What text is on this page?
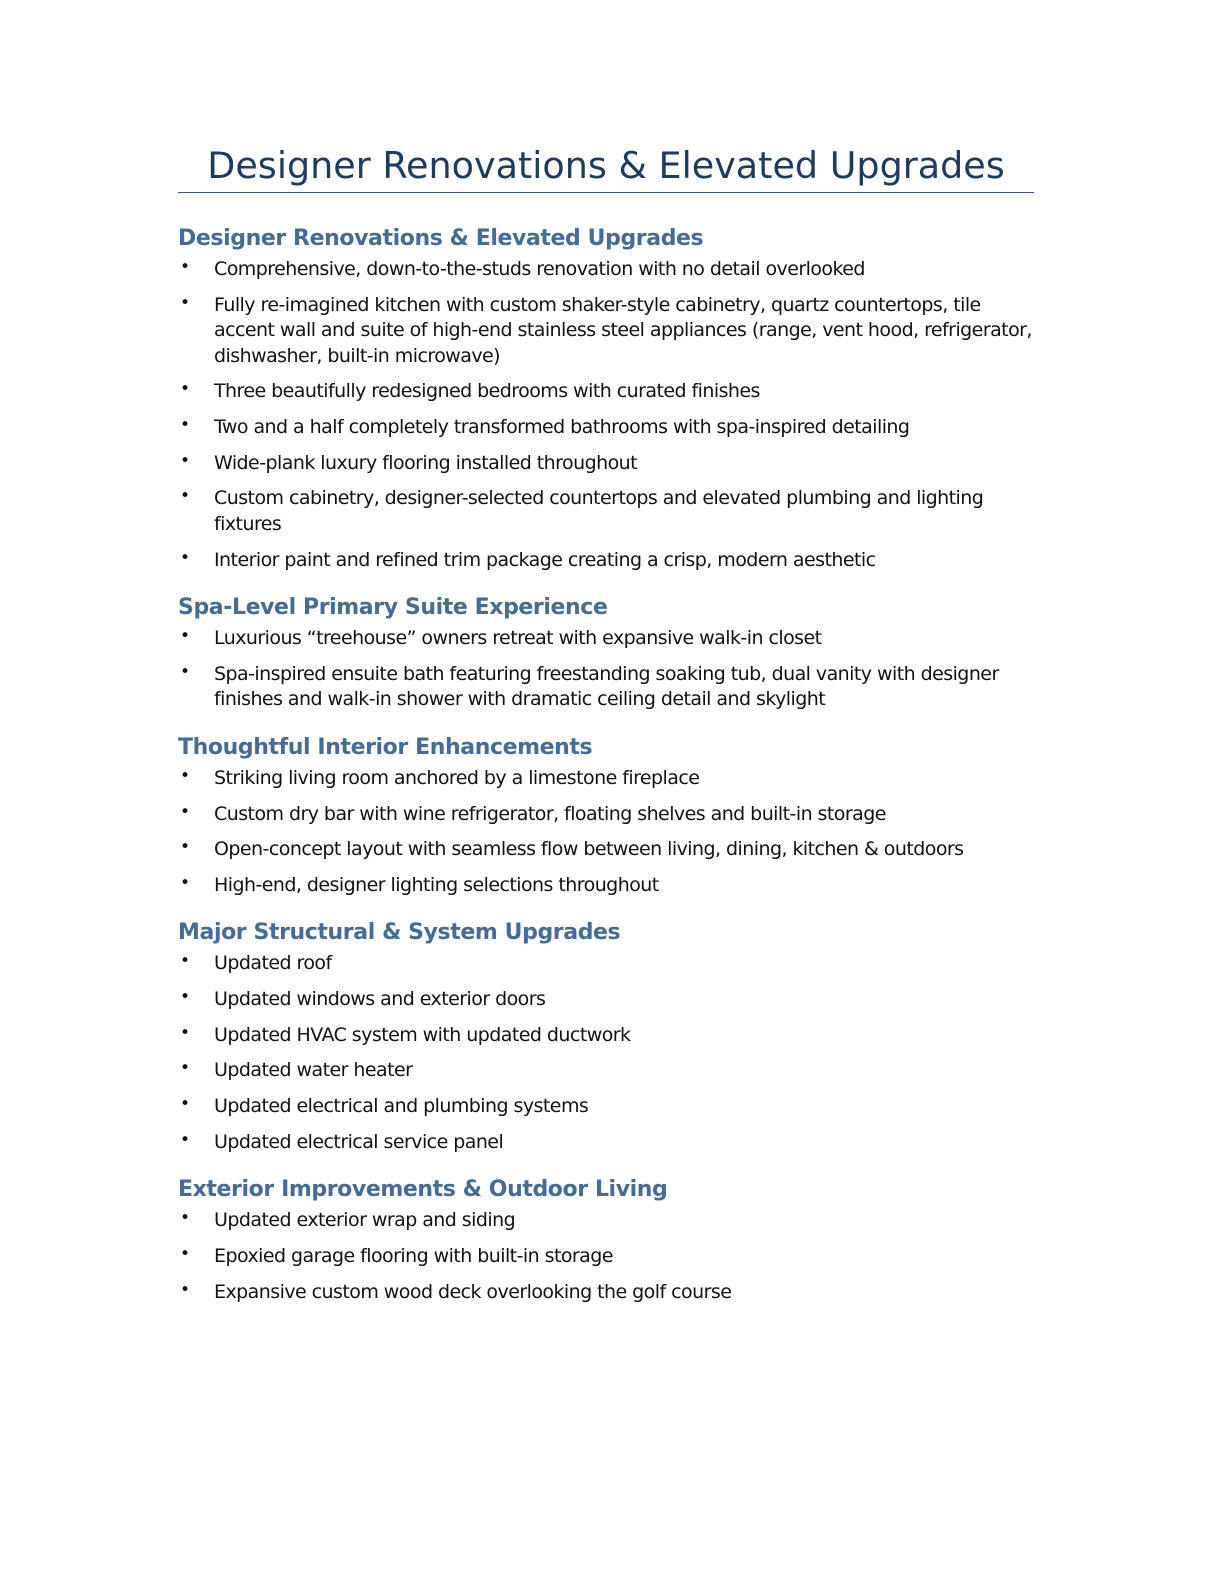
Designer Renovations & Elevated Upgrades
Designer Renovations & Elevated Upgrades
• Comprehensive, down-to-the-studs renovation with no detail overlooked
• Fully re-imagined kitchen with custom shaker-style cabinetry, quartz countertops, tile accent wall and suite of high-end stainless steel appliances (range, vent hood, refrigerator, dishwasher, built-in microwave)
• Three beautifully redesigned bedrooms with curated finishes
• Two and a half completely transformed bathrooms with spa-inspired detailing
• Wide-plank luxury flooring installed throughout
• Custom cabinetry, designer-selected countertops and elevated plumbing and lighting fixtures
• Interior paint and refined trim package creating a crisp, modern aesthetic
Spa-Level Primary Suite Experience
• Luxurious “treehouse” owners retreat with expansive walk-in closet
• Spa-inspired ensuite bath featuring freestanding soaking tub, dual vanity with designer finishes and walk-in shower with dramatic ceiling detail and skylight
Thoughtful Interior Enhancements
• Striking living room anchored by a limestone fireplace
• Custom dry bar with wine refrigerator, floating shelves and built-in storage
• Open-concept layout with seamless flow between living, dining, kitchen & outdoors
• High-end, designer lighting selections throughout
Major Structural & System Upgrades
• Updated roof
• Updated windows and exterior doors
• Updated HVAC system with updated ductwork
• Updated water heater
• Updated electrical and plumbing systems
• Updated electrical service panel
Exterior Improvements & Outdoor Living
• Updated exterior wrap and siding
• Epoxied garage flooring with built-in storage
• Expansive custom wood deck overlooking the golf course
